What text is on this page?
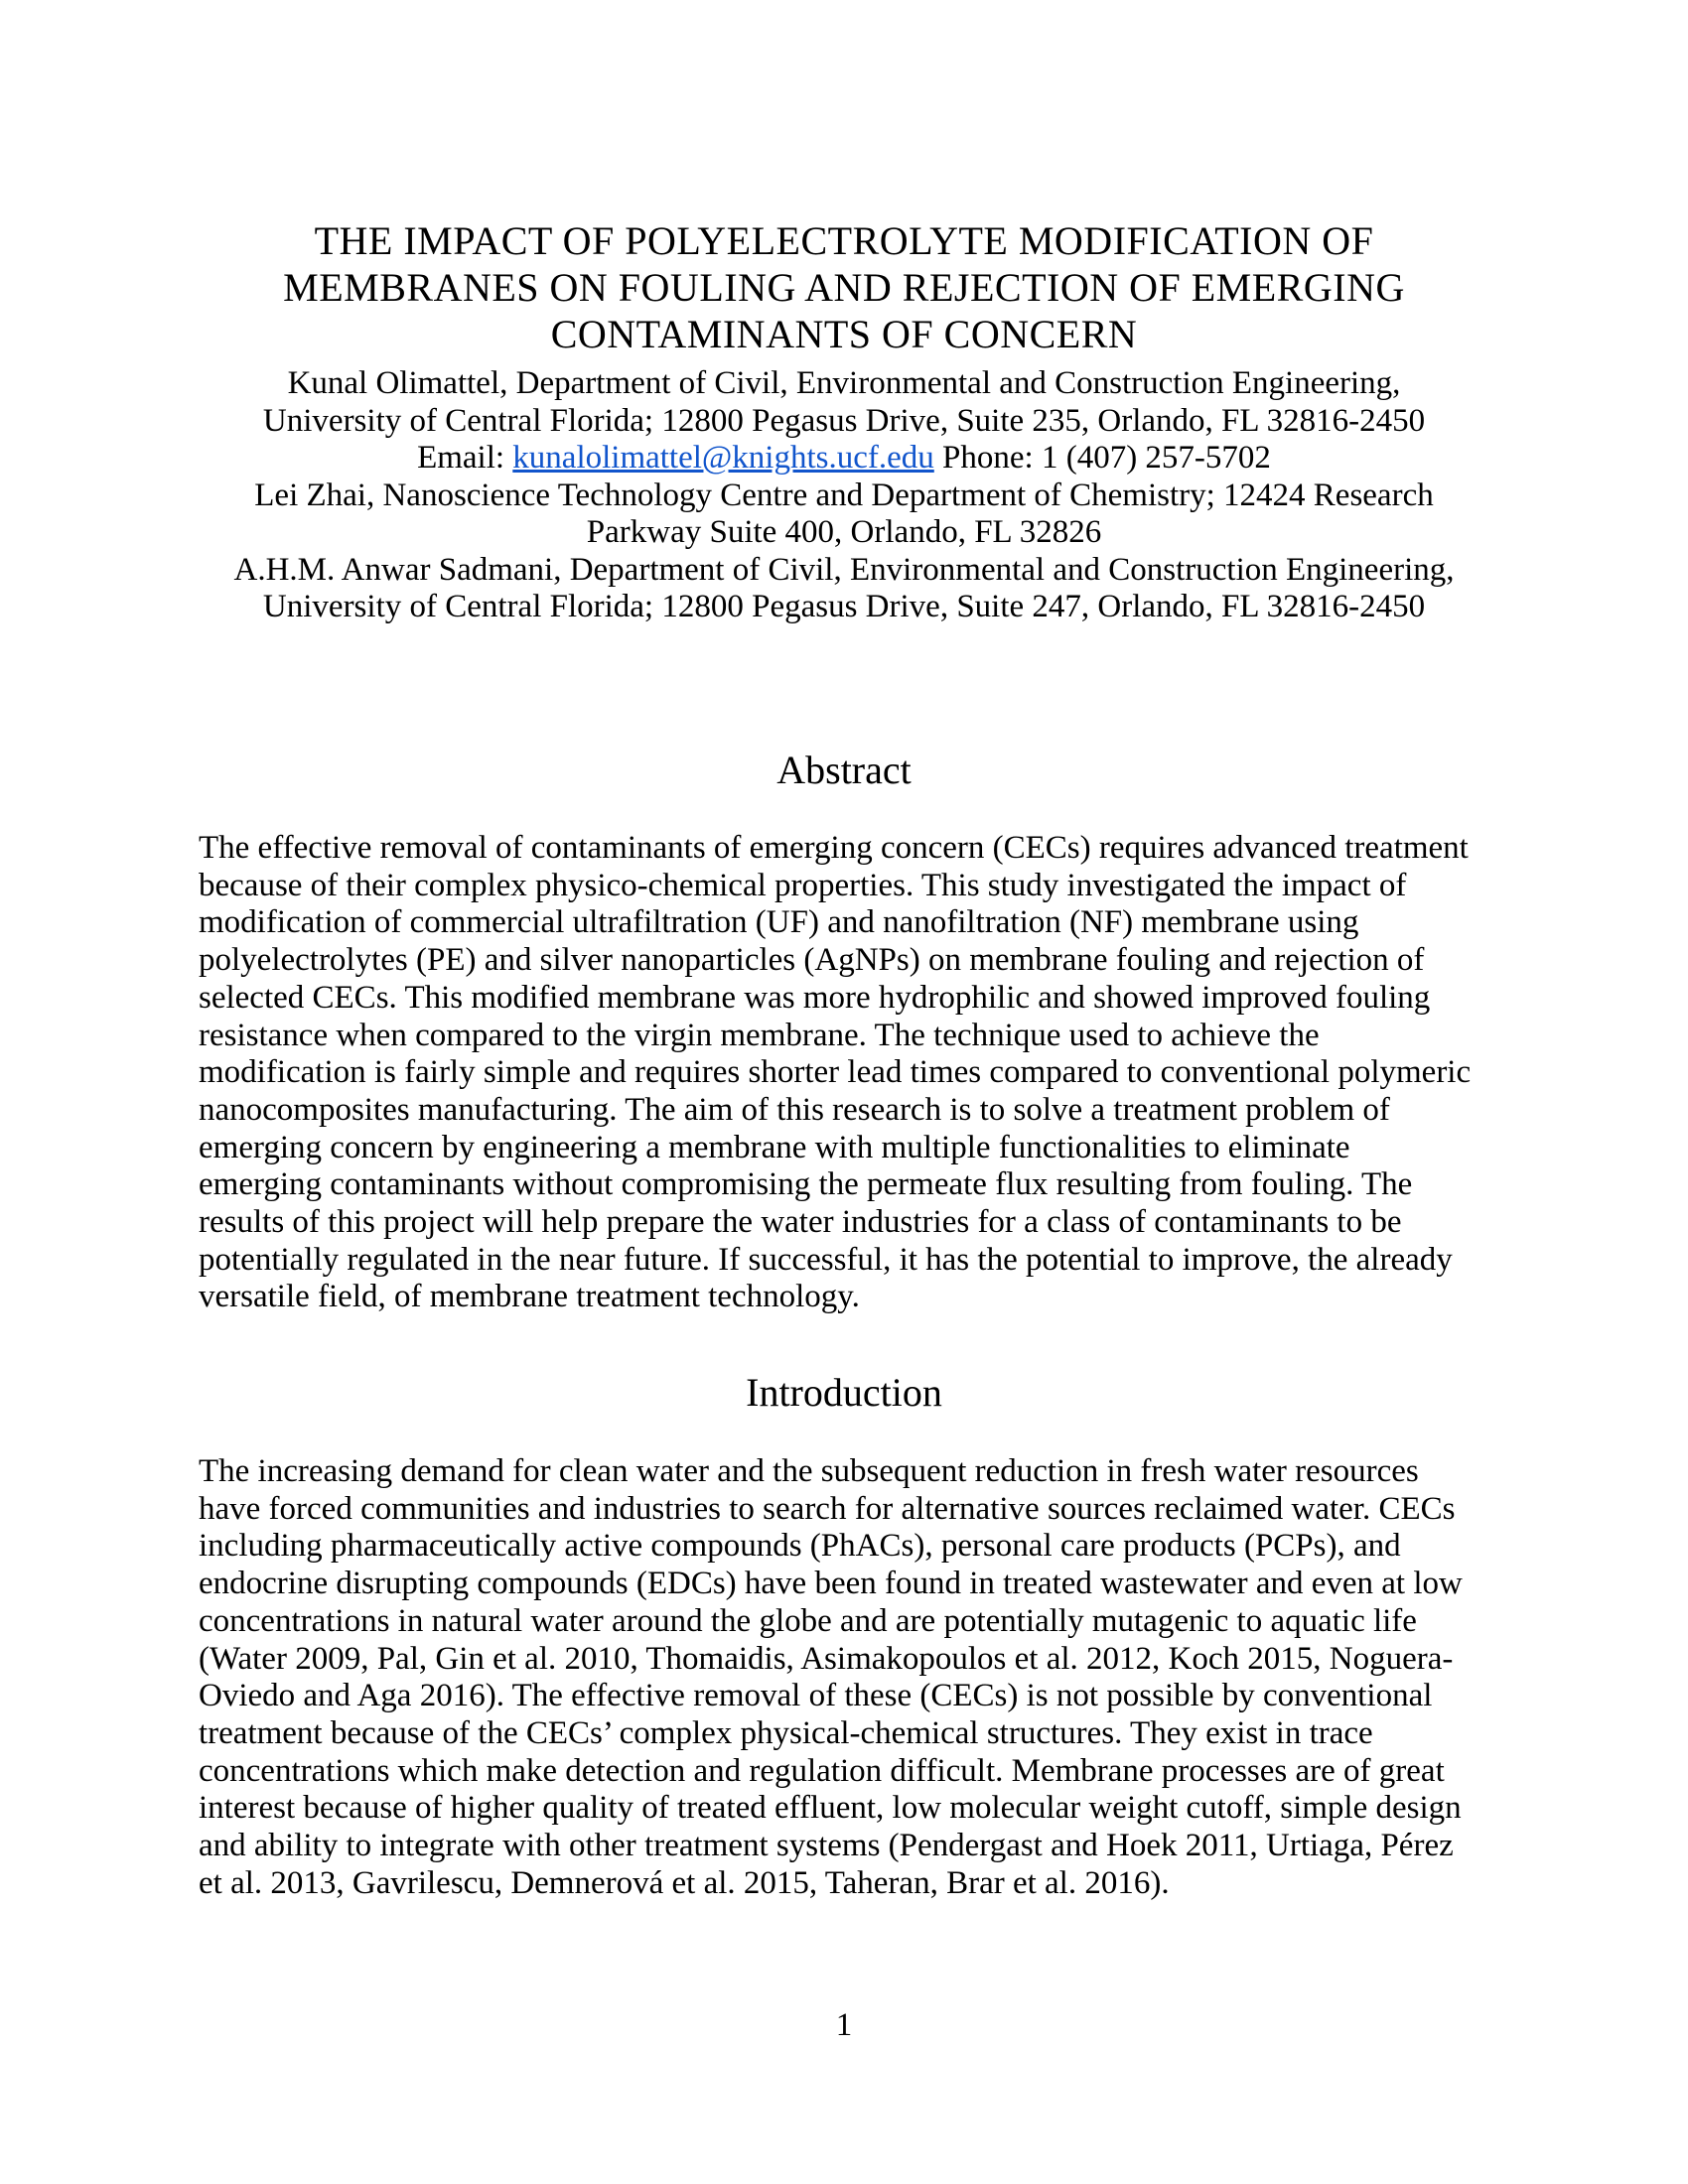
THE IMPACT OF POLYELECTROLYTE MODIFICATION OF
MEMBRANES ON FOULING AND REJECTION OF EMERGING
CONTAMINANTS OF CONCERN
Kunal Olimattel, Department of Civil, Environmental and Construction Engineering,
University of Central Florida; 12800 Pegasus Drive, Suite 235, Orlando, FL 32816-2450
Email: kunalolimattel@knights.ucf.edu Phone: 1 (407) 257-5702
Lei Zhai, Nanoscience Technology Centre and Department of Chemistry; 12424 Research
Parkway Suite 400, Orlando, FL 32826
A.H.M. Anwar Sadmani, Department of Civil, Environmental and Construction Engineering,
University of Central Florida; 12800 Pegasus Drive, Suite 247, Orlando, FL 32816-2450
Abstract
The effective removal of contaminants of emerging concern (CECs) requires advanced treatment
because of their complex physico-chemical properties. This study investigated the impact of
modification of commercial ultrafiltration (UF) and nanofiltration (NF) membrane using
polyelectrolytes (PE) and silver nanoparticles (AgNPs) on membrane fouling and rejection of
selected CECs. This modified membrane was more hydrophilic and showed improved fouling
resistance when compared to the virgin membrane. The technique used to achieve the
modification is fairly simple and requires shorter lead times compared to conventional polymeric
nanocomposites manufacturing. The aim of this research is to solve a treatment problem of
emerging concern by engineering a membrane with multiple functionalities to eliminate
emerging contaminants without compromising the permeate flux resulting from fouling. The
results of this project will help prepare the water industries for a class of contaminants to be
potentially regulated in the near future. If successful, it has the potential to improve, the already
versatile field, of membrane treatment technology.
Introduction
The increasing demand for clean water and the subsequent reduction in fresh water resources
have forced communities and industries to search for alternative sources reclaimed water. CECs
including pharmaceutically active compounds (PhACs), personal care products (PCPs), and
endocrine disrupting compounds (EDCs) have been found in treated wastewater and even at low
concentrations in natural water around the globe and are potentially mutagenic to aquatic life
(Water 2009, Pal, Gin et al. 2010, Thomaidis, Asimakopoulos et al. 2012, Koch 2015, Noguera-
Oviedo and Aga 2016). The effective removal of these (CECs) is not possible by conventional
treatment because of the CECs’ complex physical-chemical structures. They exist in trace
concentrations which make detection and regulation difficult. Membrane processes are of great
interest because of higher quality of treated effluent, low molecular weight cutoff, simple design
and ability to integrate with other treatment systems (Pendergast and Hoek 2011, Urtiaga, Pérez
et al. 2013, Gavrilescu, Demnerová et al. 2015, Taheran, Brar et al. 2016).
1
